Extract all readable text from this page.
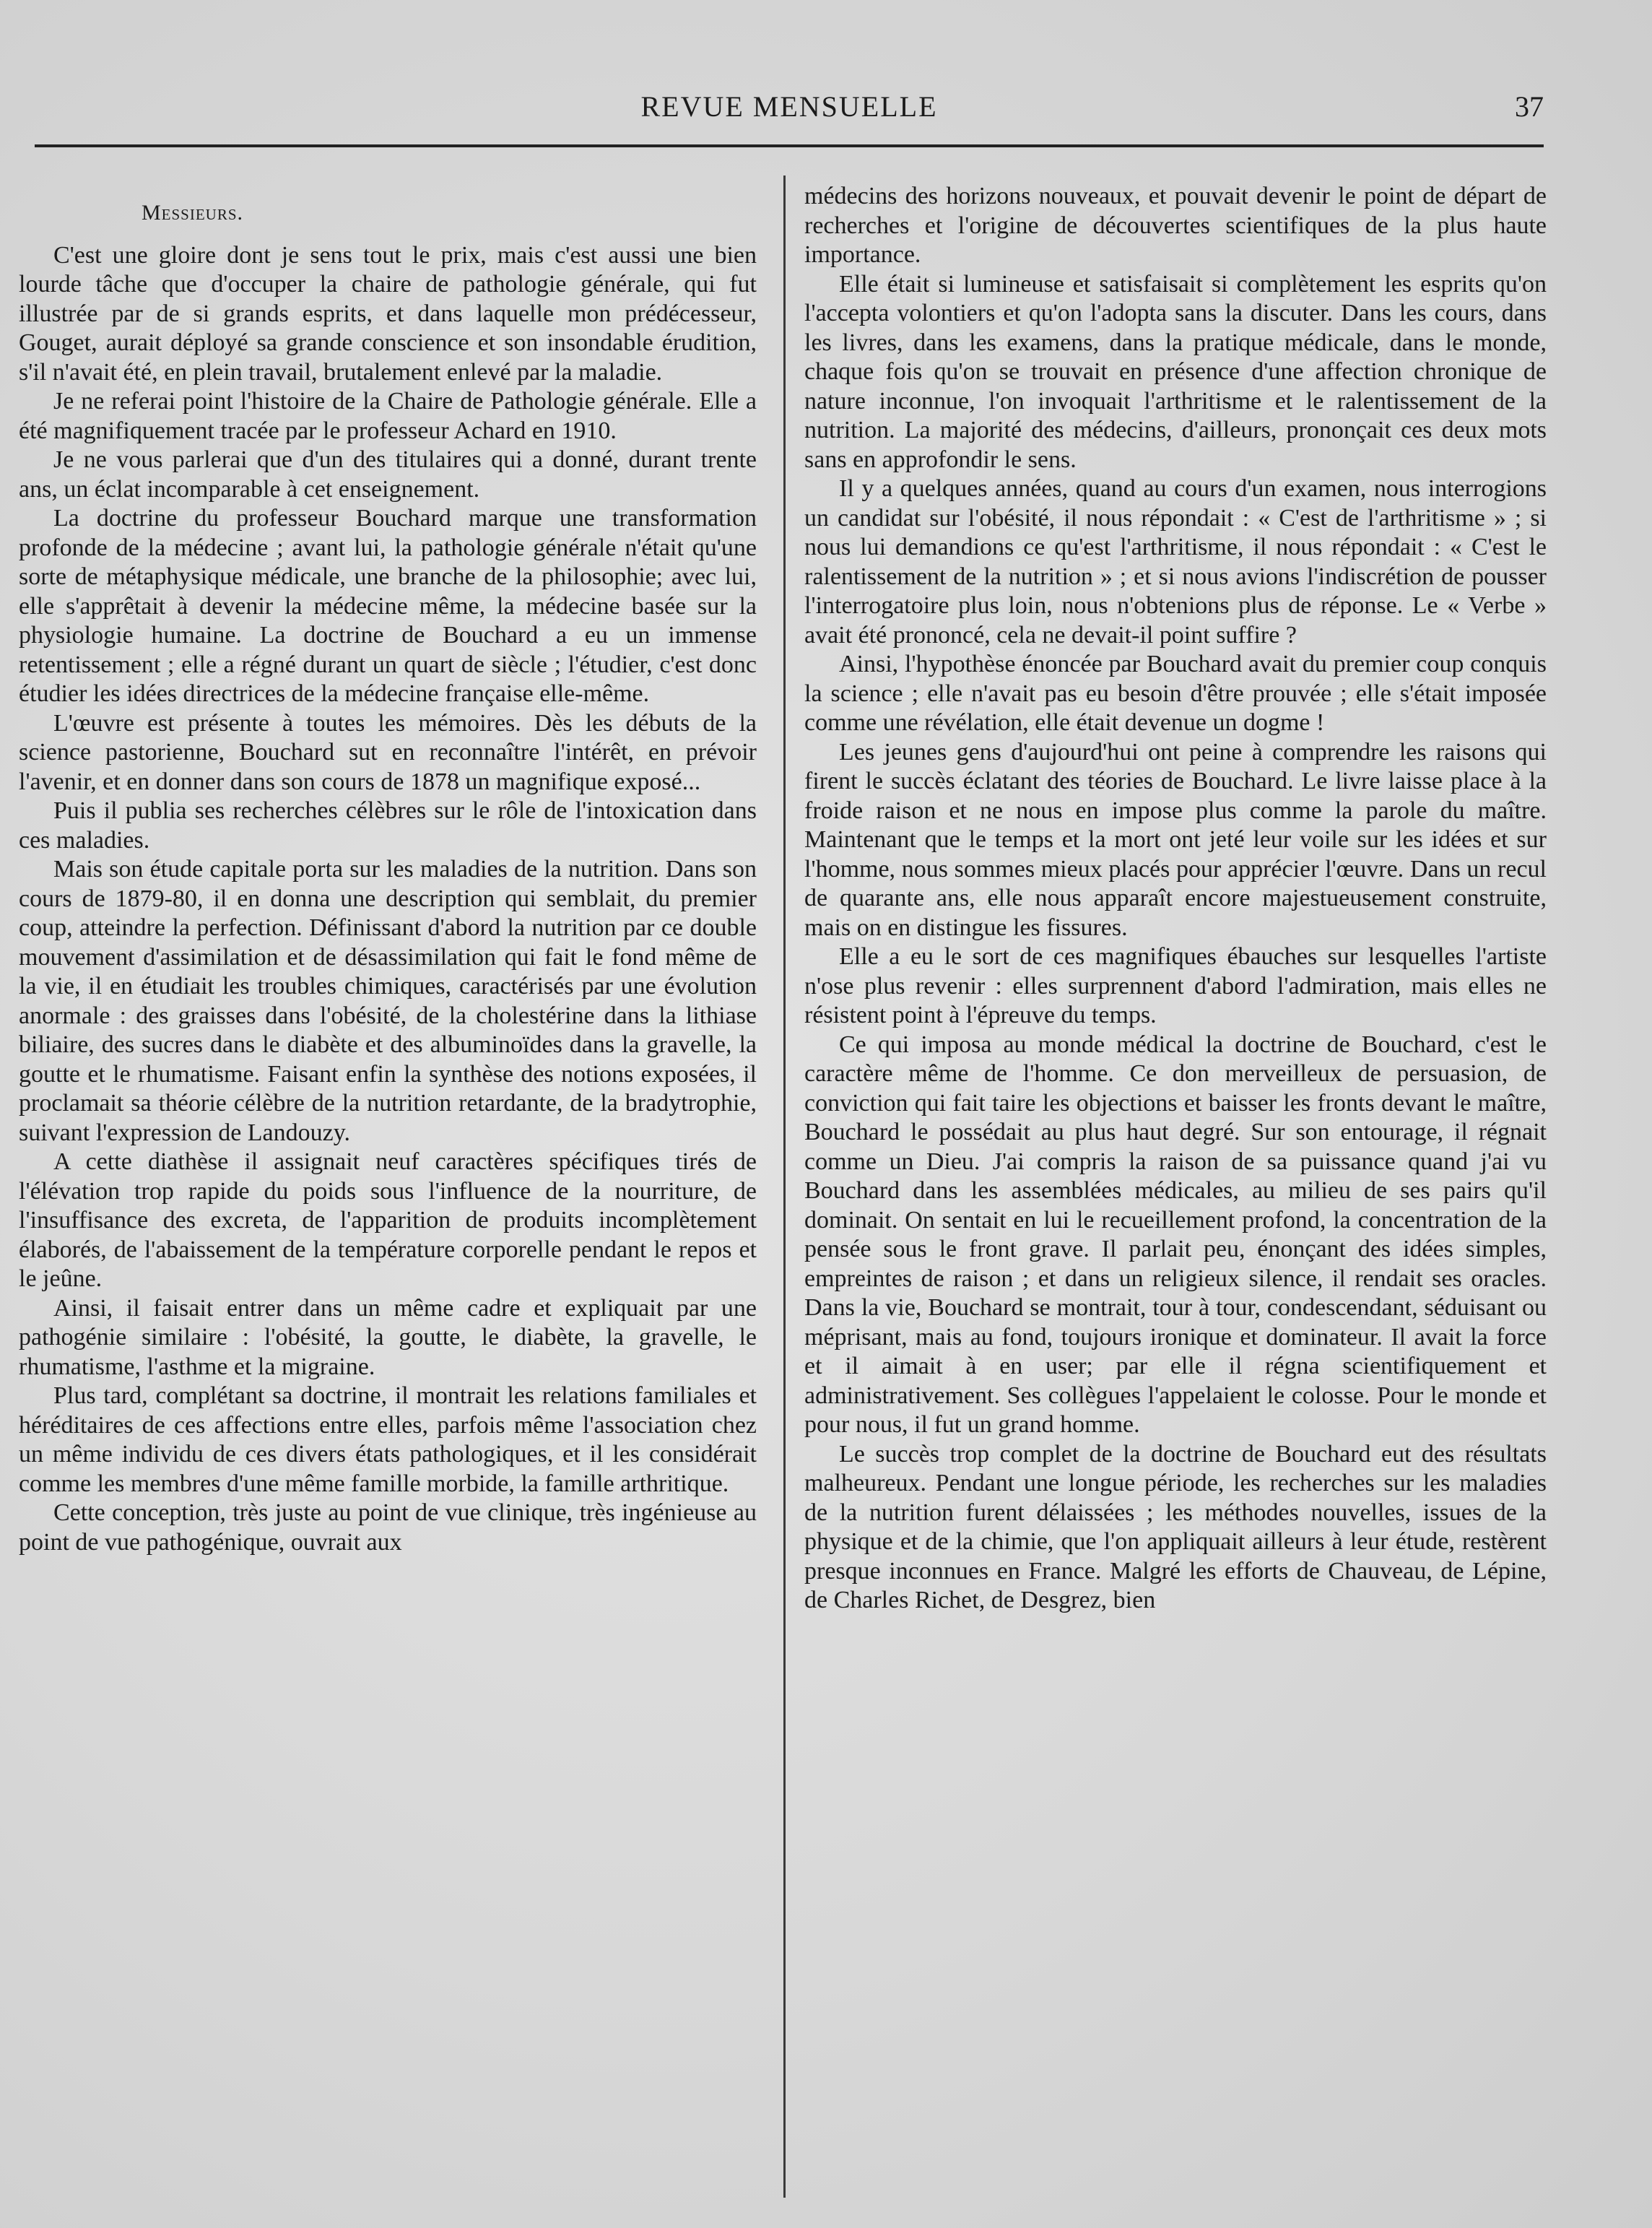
REVUE MENSUELLE	37
Messieurs.

C'est une gloire dont je sens tout le prix, mais c'est aussi une bien lourde tâche que d'occuper la chaire de pathologie générale, qui fut illustrée par de si grands esprits, et dans laquelle mon prédécesseur, Gouget, aurait déployé sa grande conscience et son insondable érudition, s'il n'avait été, en plein travail, brutalement enlevé par la maladie.

Je ne referai point l'histoire de la Chaire de Pathologie générale. Elle a été magnifiquement tracée par le professeur Achard en 1910.

Je ne vous parlerai que d'un des titulaires qui a donné, durant trente ans, un éclat incomparable à cet enseignement.

La doctrine du professeur Bouchard marque une transformation profonde de la médecine ; avant lui, la pathologie générale n'était qu'une sorte de métaphysique médicale, une branche de la philosophie; avec lui, elle s'apprêtait à devenir la médecine même, la médecine basée sur la physiologie humaine. La doctrine de Bouchard a eu un immense retentissement ; elle a régné durant un quart de siècle ; l'étudier, c'est donc étudier les idées directrices de la médecine française elle-même.

L'œuvre est présente à toutes les mémoires. Dès les débuts de la science pastorienne, Bouchard sut en reconnaître l'intérêt, en prévoir l'avenir, et en donner dans son cours de 1878 un magnifique exposé...

Puis il publia ses recherches célèbres sur le rôle de l'intoxication dans ces maladies.

Mais son étude capitale porta sur les maladies de la nutrition. Dans son cours de 1879-80, il en donna une description qui semblait, du premier coup, atteindre la perfection. Définissant d'abord la nutrition par ce double mouvement d'assimilation et de désassimilation qui fait le fond même de la vie, il en étudiait les troubles chimiques, caractérisés par une évolution anormale : des graisses dans l'obésité, de la cholestérine dans la lithiase biliaire, des sucres dans le diabète et des albuminoïdes dans la gravelle, la goutte et le rhumatisme. Faisant enfin la synthèse des notions exposées, il proclamait sa théorie célèbre de la nutrition retardante, de la bradytrophie, suivant l'expression de Landouzy.

A cette diathèse il assignait neuf caractères spécifiques tirés de l'élévation trop rapide du poids sous l'influence de la nourriture, de l'insuffisance des excreta, de l'apparition de produits incomplètement élaborés, de l'abaissement de la température corporelle pendant le repos et le jeûne.

Ainsi, il faisait entrer dans un même cadre et expliquait par une pathogénie similaire : l'obésité, la goutte, le diabète, la gravelle, le rhumatisme, l'asthme et la migraine.

Plus tard, complétant sa doctrine, il montrait les relations familiales et héréditaires de ces affections entre elles, parfois même l'association chez un même individu de ces divers états pathologiques, et il les considérait comme les membres d'une même famille morbide, la famille arthritique.

Cette conception, très juste au point de vue clinique, très ingénieuse au point de vue pathogénique, ouvrait aux

médecins des horizons nouveaux, et pouvait devenir le point de départ de recherches et l'origine de découvertes scientifiques de la plus haute importance.

Elle était si lumineuse et satisfaisait si complètement les esprits qu'on l'accepta volontiers et qu'on l'adopta sans la discuter. Dans les cours, dans les livres, dans les examens, dans la pratique médicale, dans le monde, chaque fois qu'on se trouvait en présence d'une affection chronique de nature inconnue, l'on invoquait l'arthritisme et le ralentissement de la nutrition. La majorité des médecins, d'ailleurs, prononçait ces deux mots sans en approfondir le sens.

Il y a quelques années, quand au cours d'un examen, nous interrogions un candidat sur l'obésité, il nous répondait : « C'est de l'arthritisme » ; si nous lui demandions ce qu'est l'arthritisme, il nous répondait : « C'est le ralentissement de la nutrition » ; et si nous avions l'indiscrétion de pousser l'interrogatoire plus loin, nous n'obtenions plus de réponse. Le « Verbe » avait été prononcé, cela ne devait-il point suffire ?

Ainsi, l'hypothèse énoncée par Bouchard avait du premier coup conquis la science ; elle n'avait pas eu besoin d'être prouvée ; elle s'était imposée comme une révélation, elle était devenue un dogme !

Les jeunes gens d'aujourd'hui ont peine à comprendre les raisons qui firent le succès éclatant des téories de Bouchard. Le livre laisse place à la froide raison et ne nous en impose plus comme la parole du maître. Maintenant que le temps et la mort ont jeté leur voile sur les idées et sur l'homme, nous sommes mieux placés pour apprécier l'œuvre. Dans un recul de quarante ans, elle nous apparaît encore majestueusement construite, mais on en distingue les fissures.

Elle a eu le sort de ces magnifiques ébauches sur lesquelles l'artiste n'ose plus revenir : elles surprennent d'abord l'admiration, mais elles ne résistent point à l'épreuve du temps.

Ce qui imposa au monde médical la doctrine de Bouchard, c'est le caractère même de l'homme. Ce don merveilleux de persuasion, de conviction qui fait taire les objections et baisser les fronts devant le maître, Bouchard le possédait au plus haut degré. Sur son entourage, il régnait comme un Dieu. J'ai compris la raison de sa puissance quand j'ai vu Bouchard dans les assemblées médicales, au milieu de ses pairs qu'il dominait. On sentait en lui le recueillement profond, la concentration de la pensée sous le front grave. Il parlait peu, énonçant des idées simples, empreintes de raison ; et dans un religieux silence, il rendait ses oracles. Dans la vie, Bouchard se montrait, tour à tour, condescendant, séduisant ou méprisant, mais au fond, toujours ironique et dominateur. Il avait la force et il aimait à en user; par elle il régna scientifiquement et administrativement. Ses collègues l'appelaient le colosse. Pour le monde et pour nous, il fut un grand homme.

Le succès trop complet de la doctrine de Bouchard eut des résultats malheureux. Pendant une longue période, les recherches sur les maladies de la nutrition furent délaissées ; les méthodes nouvelles, issues de la physique et de la chimie, que l'on appliquait ailleurs à leur étude, restèrent presque inconnues en France. Malgré les efforts de Chauveau, de Lépine, de Charles Richet, de Desgrez, bien
